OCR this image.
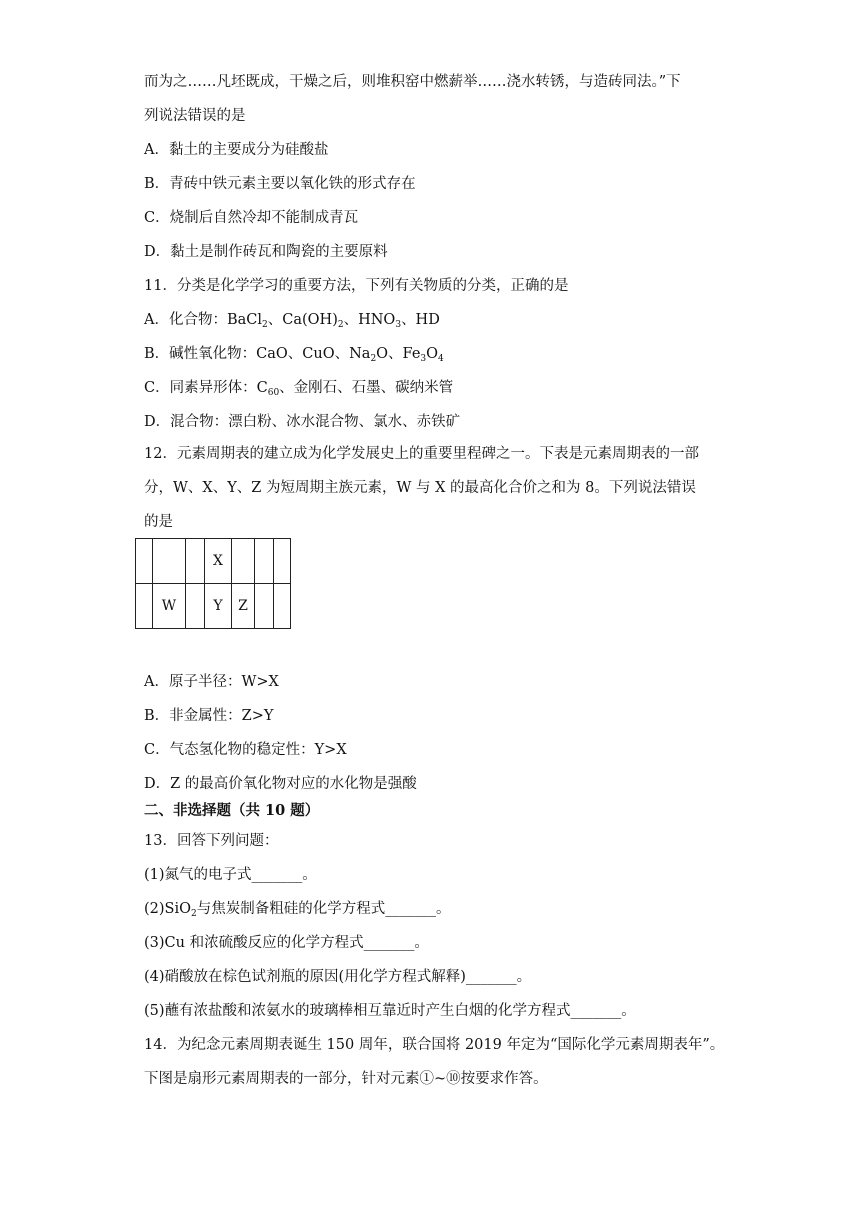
而为之……凡坯既成，干燥之后，则堆积窑中燃薪举……浇水转锈，与造砖同法。”下
列说法错误的是
A．黏土的主要成分为硅酸盐
B．青砖中铁元素主要以氧化铁的形式存在
C．烧制后自然冷却不能制成青瓦
D．黏土是制作砖瓦和陶瓷的主要原料
11．分类是化学学习的重要方法，下列有关物质的分类，正确的是
A．化合物：BaCl$_2$、$Ca(OH)_2$、$HNO_3$、HD
B．碱性氧化物：CaO、CuO、$Na_2O$、$Fe_3O_4$
C．同素异形体：$C_{60}$、金刚石、石墨、碳纳米管
D．混合物：漂白粉、冰水混合物、氯水、赤铁矿
12．元素周期表的建立成为化学发展史上的重要里程碑之一。下表是元素周期表的一部
分，W、X、Y、Z 为短周期主族元素，W 与 X 的最高化合价之和为 8。下列说法错误
的是
			X			
	W		Y	Z		
A．原子半径：W>X
B．非金属性：Z>Y
C．气态氢化物的稳定性：Y>X
D．Z 的最高价氧化物对应的水化物是强酸
二、非选择题（共 10 题）
13．回答下列问题：
(1)氮气的电子式_______。
(2)SiO$_2$与焦炭制备粗硅的化学方程式_______。
(3)Cu 和浓硫酸反应的化学方程式_______。
(4)硝酸放在棕色试剂瓶的原因(用化学方程式解释)_______。
(5)蘸有浓盐酸和浓氨水的玻璃棒相互靠近时产生白烟的化学方程式_______。
14．为纪念元素周期表诞生 150 周年，联合国将 2019 年定为“国际化学元素周期表年”。
下图是扇形元素周期表的一部分，针对元素①~⑩按要求作答。
